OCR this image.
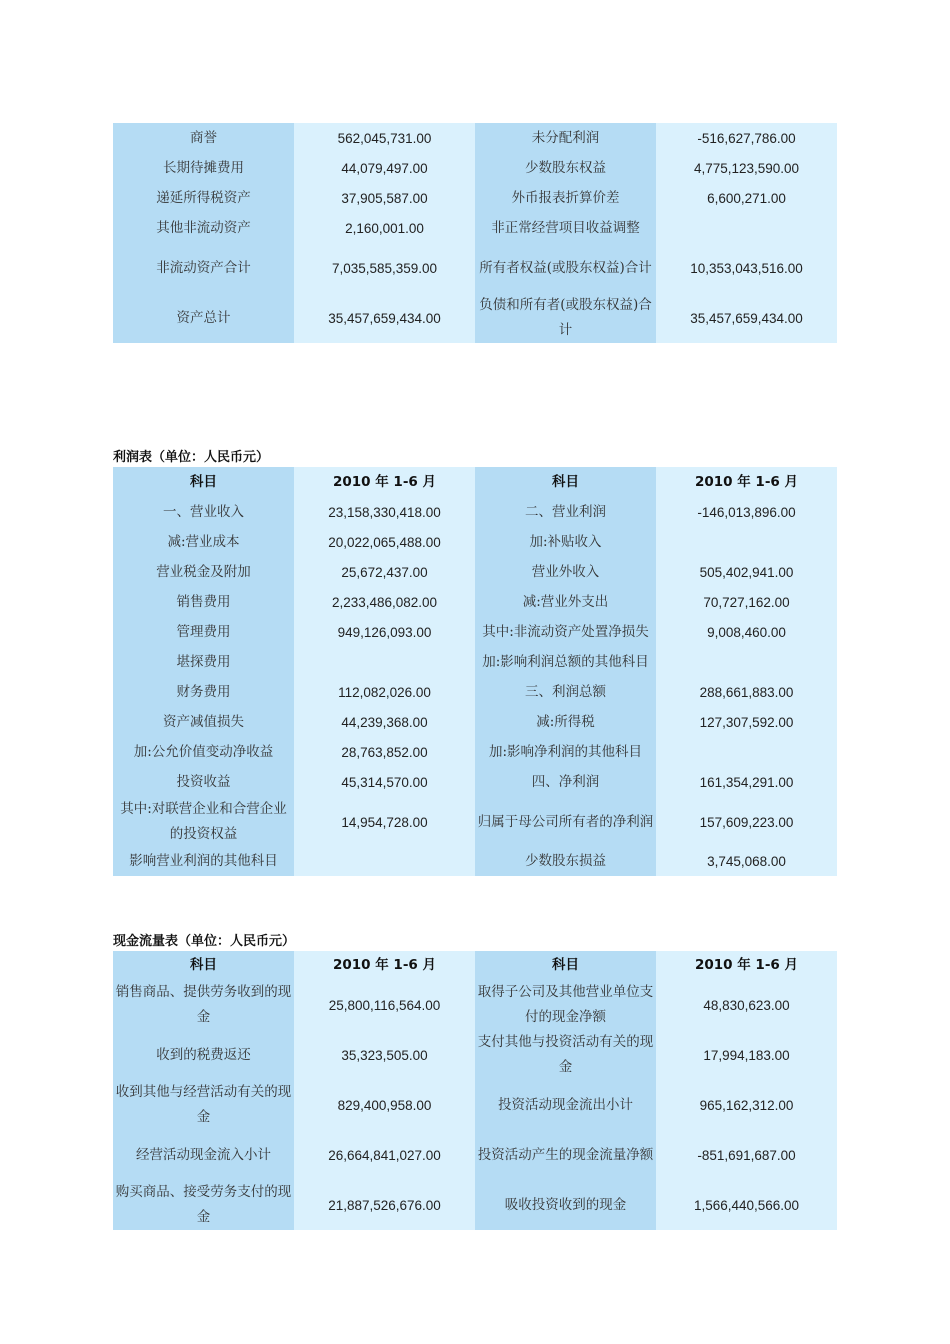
商誉	562,045,731.00	未分配利润	-516,627,786.00
长期待摊费用	44,079,497.00	少数股东权益	4,775,123,590.00
递延所得税资产	37,905,587.00	外币报表折算价差	6,600,271.00
其他非流动资产	2,160,001.00	非正常经营项目收益调整	
非流动资产合计	7,035,585,359.00	所有者权益(或股东权益)合计	10,353,043,516.00
资产总计	35,457,659,434.00	负债和所有者(或股东权益)合计	35,457,659,434.00
利润表（单位：人民币元）
科目	2010 年 1-6 月	科目	2010 年 1-6 月
一、营业收入	23,158,330,418.00	二、营业利润	-146,013,896.00
减:营业成本	20,022,065,488.00	加:补贴收入	
营业税金及附加	25,672,437.00	营业外收入	505,402,941.00
销售费用	2,233,486,082.00	减:营业外支出	70,727,162.00
管理费用	949,126,093.00	其中:非流动资产处置净损失	9,008,460.00
堪探费用		加:影响利润总额的其他科目	
财务费用	112,082,026.00	三、利润总额	288,661,883.00
资产减值损失	44,239,368.00	减:所得税	127,307,592.00
加:公允价值变动净收益	28,763,852.00	加:影响净利润的其他科目	
投资收益	45,314,570.00	四、净利润	161,354,291.00
其中:对联营企业和合营企业的投资权益	14,954,728.00	归属于母公司所有者的净利润	157,609,223.00
影响营业利润的其他科目		少数股东损益	3,745,068.00
现金流量表（单位：人民币元）
科目	2010 年 1-6 月	科目	2010 年 1-6 月
销售商品、提供劳务收到的现金	25,800,116,564.00	取得子公司及其他营业单位支付的现金净额	48,830,623.00
收到的税费返还	35,323,505.00	支付其他与投资活动有关的现金	17,994,183.00
收到其他与经营活动有关的现金	829,400,958.00	投资活动现金流出小计	965,162,312.00
经营活动现金流入小计	26,664,841,027.00	投资活动产生的现金流量净额	-851,691,687.00
购买商品、接受劳务支付的现金	21,887,526,676.00	吸收投资收到的现金	1,566,440,566.00
